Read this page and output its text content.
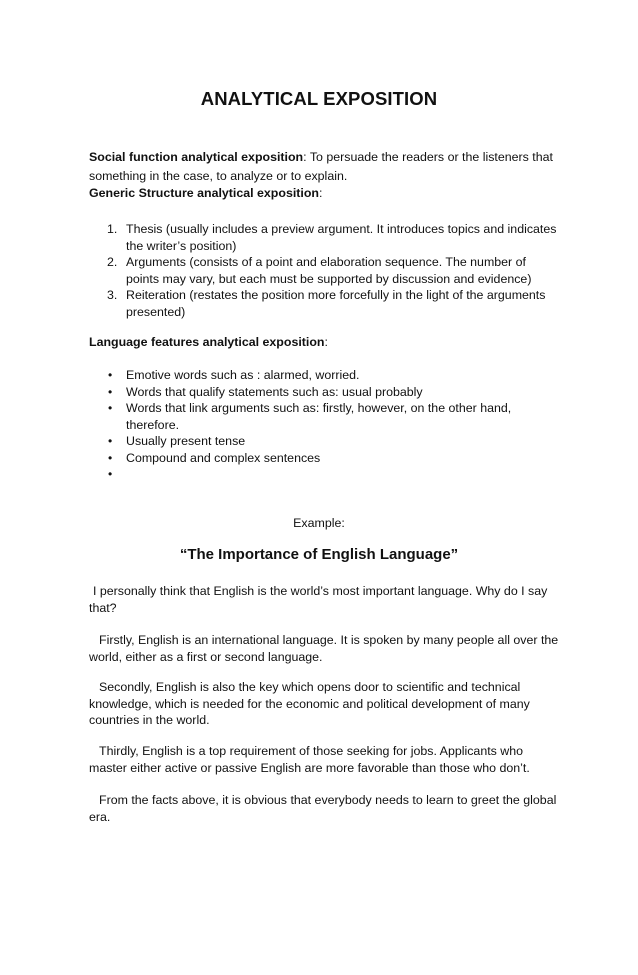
ANALYTICAL EXPOSITION
Social function analytical exposition: To persuade the readers or the listeners that
something in the case, to analyze or to explain.
Generic Structure analytical exposition:
1. Thesis (usually includes a preview argument. It introduces topics and indicates
the writer’s position)
2. Arguments (consists of a point and elaboration sequence. The number of
points may vary, but each must be supported by discussion and evidence)
3. Reiteration (restates the position more forcefully in the light of the arguments
presented)
Language features analytical exposition:
• Emotive words such as : alarmed, worried.
• Words that qualify statements such as: usual probably
• Words that link arguments such as: firstly, however, on the other hand,
therefore.
• Usually present tense
• Compound and complex sentences
•
Example:
“The Importance of English Language”
I personally think that English is the world’s most important language. Why do I say
that?
Firstly, English is an international language. It is spoken by many people all over the
world, either as a first or second language.
Secondly, English is also the key which opens door to scientific and technical
knowledge, which is needed for the economic and political development of many
countries in the world.
Thirdly, English is a top requirement of those seeking for jobs. Applicants who
master either active or passive English are more favorable than those who don’t.
From the facts above, it is obvious that everybody needs to learn to greet the global
era.
